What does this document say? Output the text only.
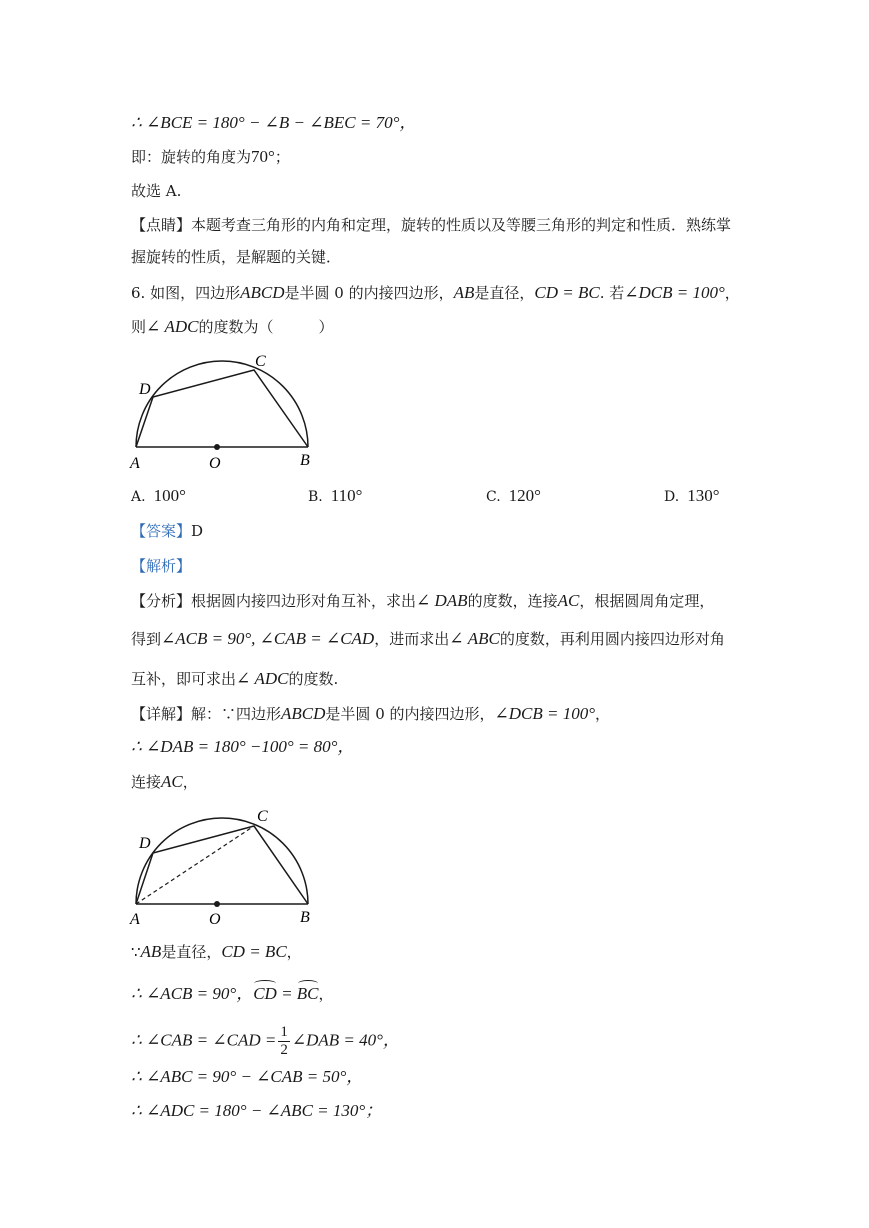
∴ ∠BCE = 180° − ∠B − ∠BEC = 70°，
即：旋转的角度为70°；
故选 A.
【点睛】本题考查三角形的内角和定理，旋转的性质以及等腰三角形的判定和性质．熟练掌
握旋转的性质，是解题的关键．
6. 如图，四边形ABCD是半圆 0 的内接四边形，AB是直径，CD = BC. 若∠DCB = 100°，
则∠ ADC的度数为（　　　）
A	O	B
C
D
A. 100°	B. 110°	C. 120°	D. 130°
【答案】D
【解析】
【分析】根据圆内接四边形对角互补，求出∠ DAB的度数，连接AC，根据圆周角定理，
得到∠ACB = 90°, ∠CAB = ∠CAD，进而求出∠ ABC的度数，再利用圆内接四边形对角
互补，即可求出∠ ADC的度数.
【详解】解：∵四边形ABCD是半圆 0 的内接四边形，∠DCB = 100°，
∴ ∠DAB = 180° −100° = 80°，
连接AC，
A	O	B
C
D
∵AB是直径，CD = BC，
∴ ∠ACB = 90°，CD = BC，
∴ ∠CAB = ∠CAD = $\frac{1}{2}$ ∠DAB = 40°，
∴ ∠ABC = 90° − ∠CAB = 50°，
∴ ∠ADC = 180° − ∠ABC = 130°；
